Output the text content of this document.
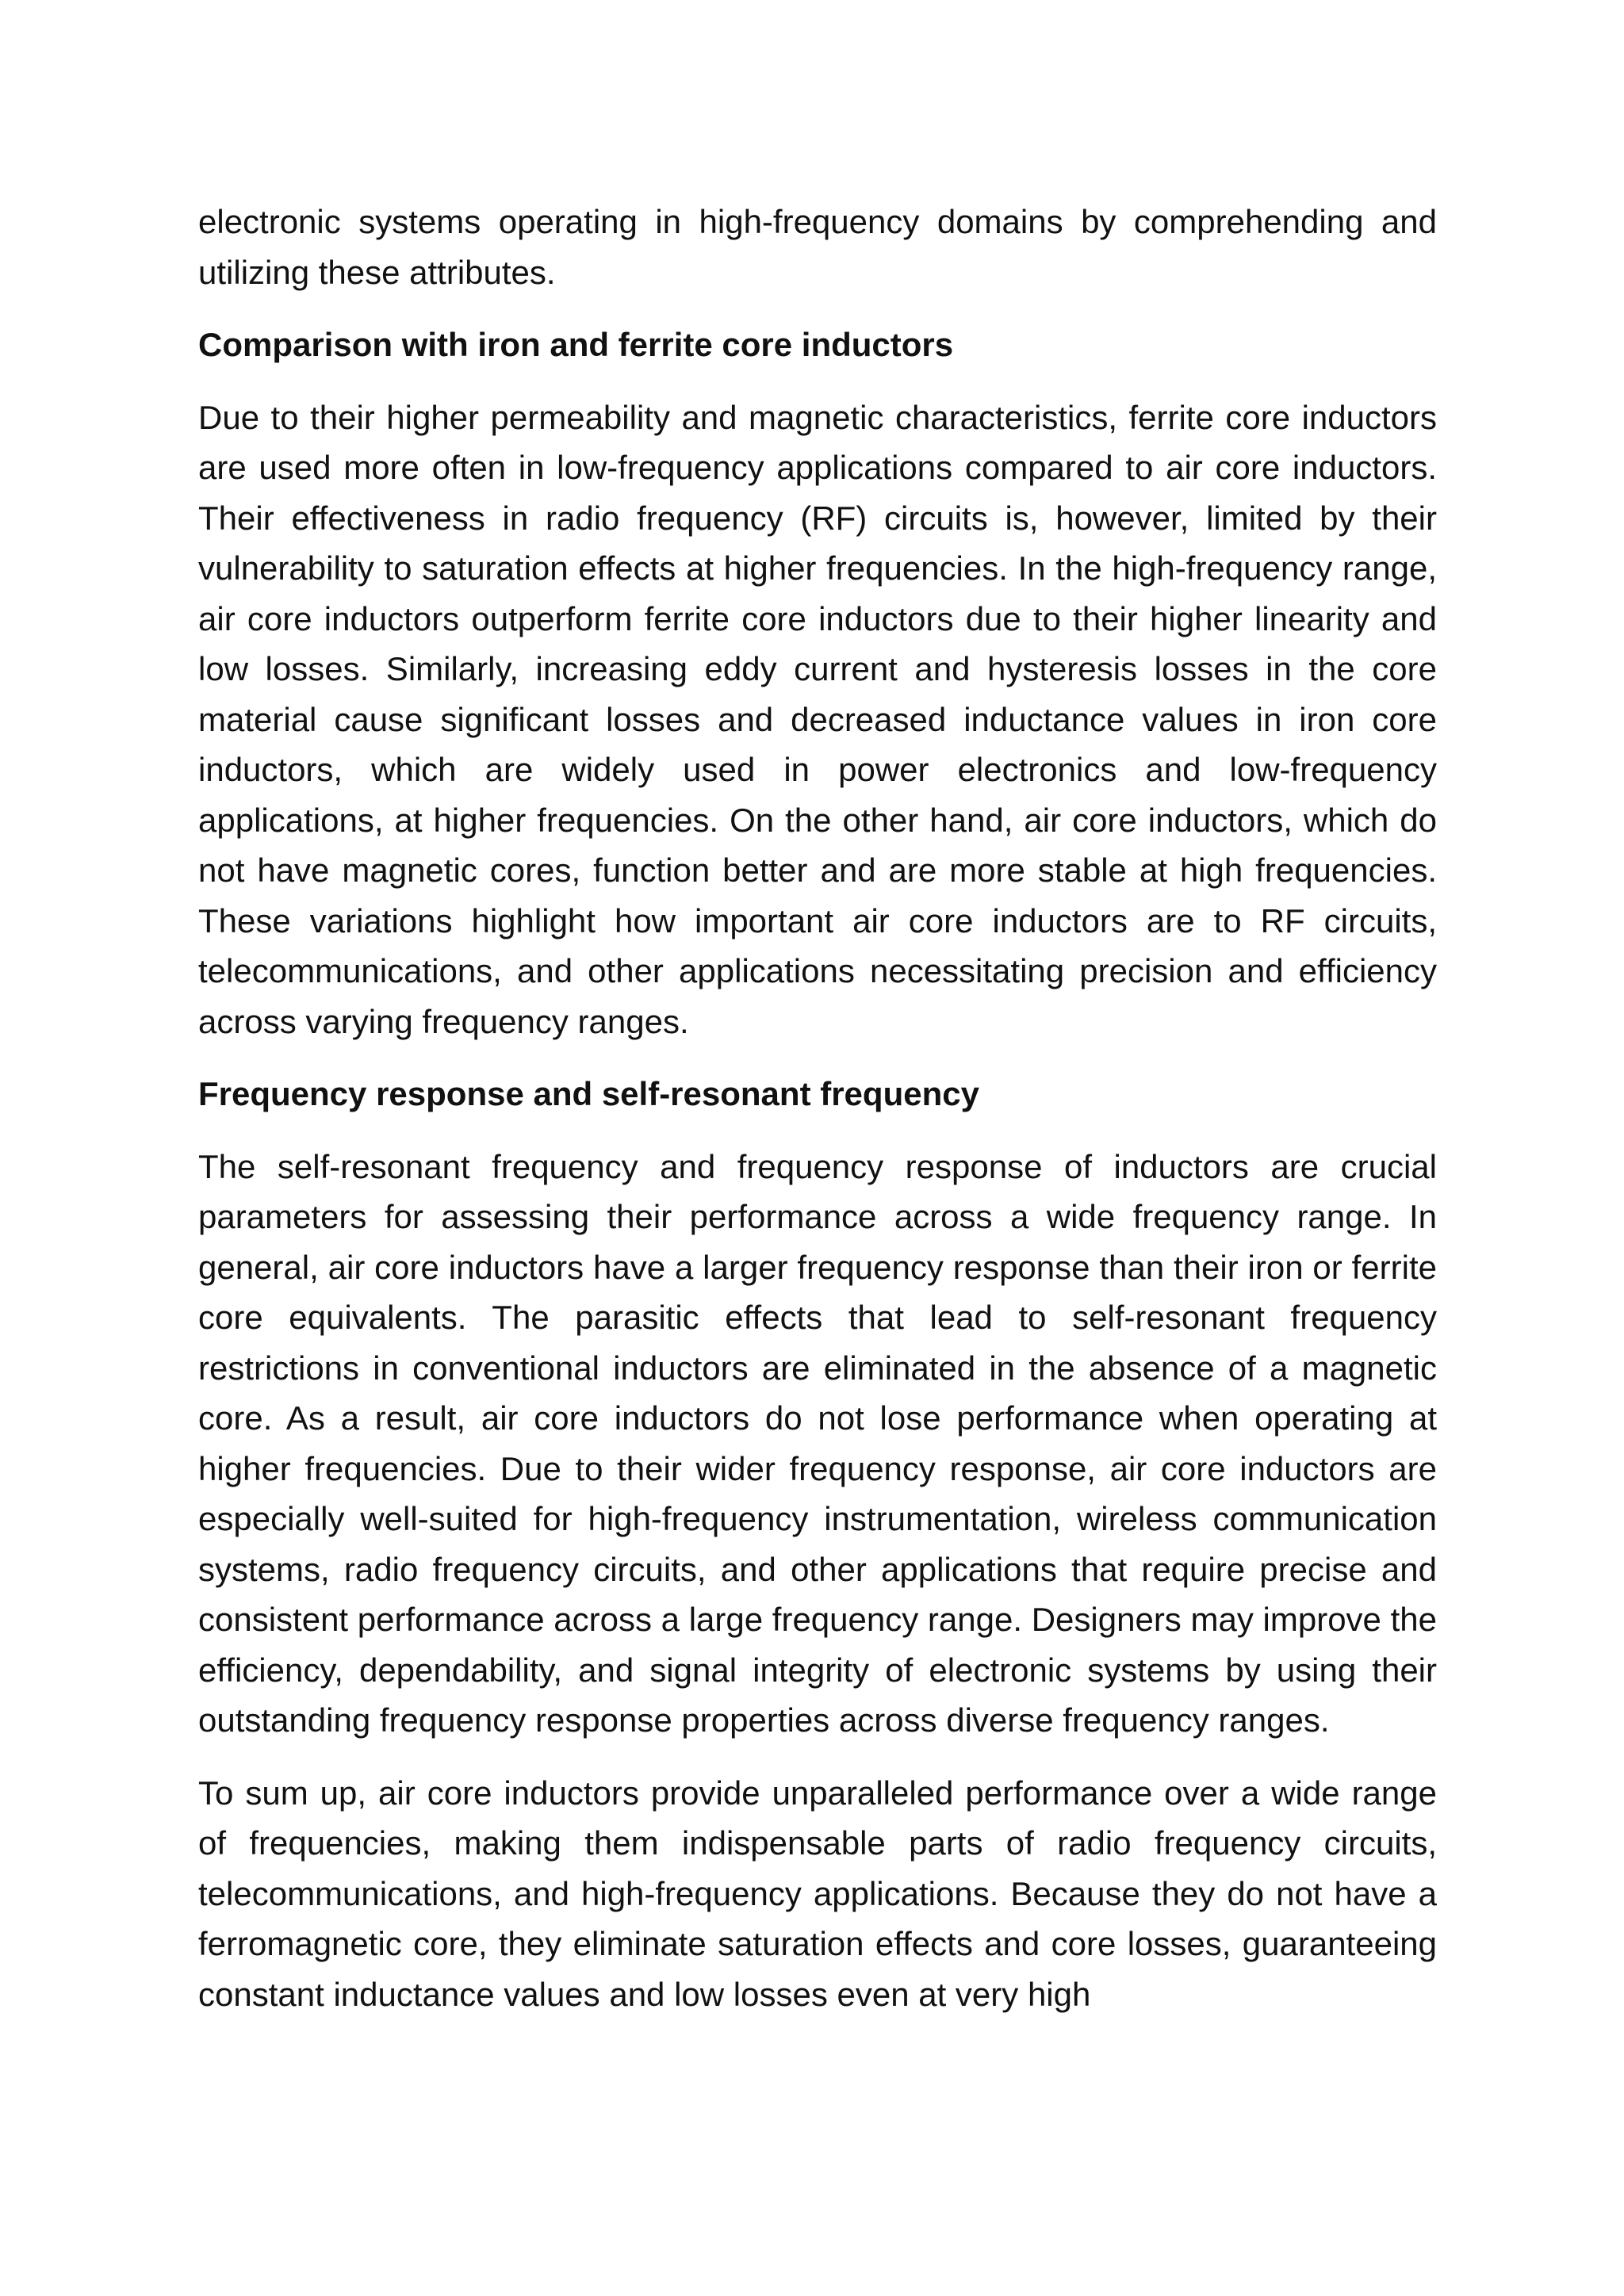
electronic systems operating in high-frequency domains by comprehending and utilizing these attributes.

Comparison with iron and ferrite core inductors

Due to their higher permeability and magnetic characteristics, ferrite core inductors are used more often in low-frequency applications compared to air core inductors. Their effectiveness in radio frequency (RF) circuits is, however, limited by their vulnerability to saturation effects at higher frequencies. In the high-frequency range, air core inductors outperform ferrite core inductors due to their higher linearity and low losses. Similarly, increasing eddy current and hysteresis losses in the core material cause significant losses and decreased inductance values in iron core inductors, which are widely used in power electronics and low-frequency applications, at higher frequencies. On the other hand, air core inductors, which do not have magnetic cores, function better and are more stable at high frequencies. These variations highlight how important air core inductors are to RF circuits, telecommunications, and other applications necessitating precision and efficiency across varying frequency ranges.

Frequency response and self-resonant frequency

The self-resonant frequency and frequency response of inductors are crucial parameters for assessing their performance across a wide frequency range. In general, air core inductors have a larger frequency response than their iron or ferrite core equivalents. The parasitic effects that lead to self-resonant frequency restrictions in conventional inductors are eliminated in the absence of a magnetic core. As a result, air core inductors do not lose performance when operating at higher frequencies. Due to their wider frequency response, air core inductors are especially well-suited for high-frequency instrumentation, wireless communication systems, radio frequency circuits, and other applications that require precise and consistent performance across a large frequency range. Designers may improve the efficiency, dependability, and signal integrity of electronic systems by using their outstanding frequency response properties across diverse frequency ranges.

To sum up, air core inductors provide unparalleled performance over a wide range of frequencies, making them indispensable parts of radio frequency circuits, telecommunications, and high-frequency applications. Because they do not have a ferromagnetic core, they eliminate saturation effects and core losses, guaranteeing constant inductance values and low losses even at very high
